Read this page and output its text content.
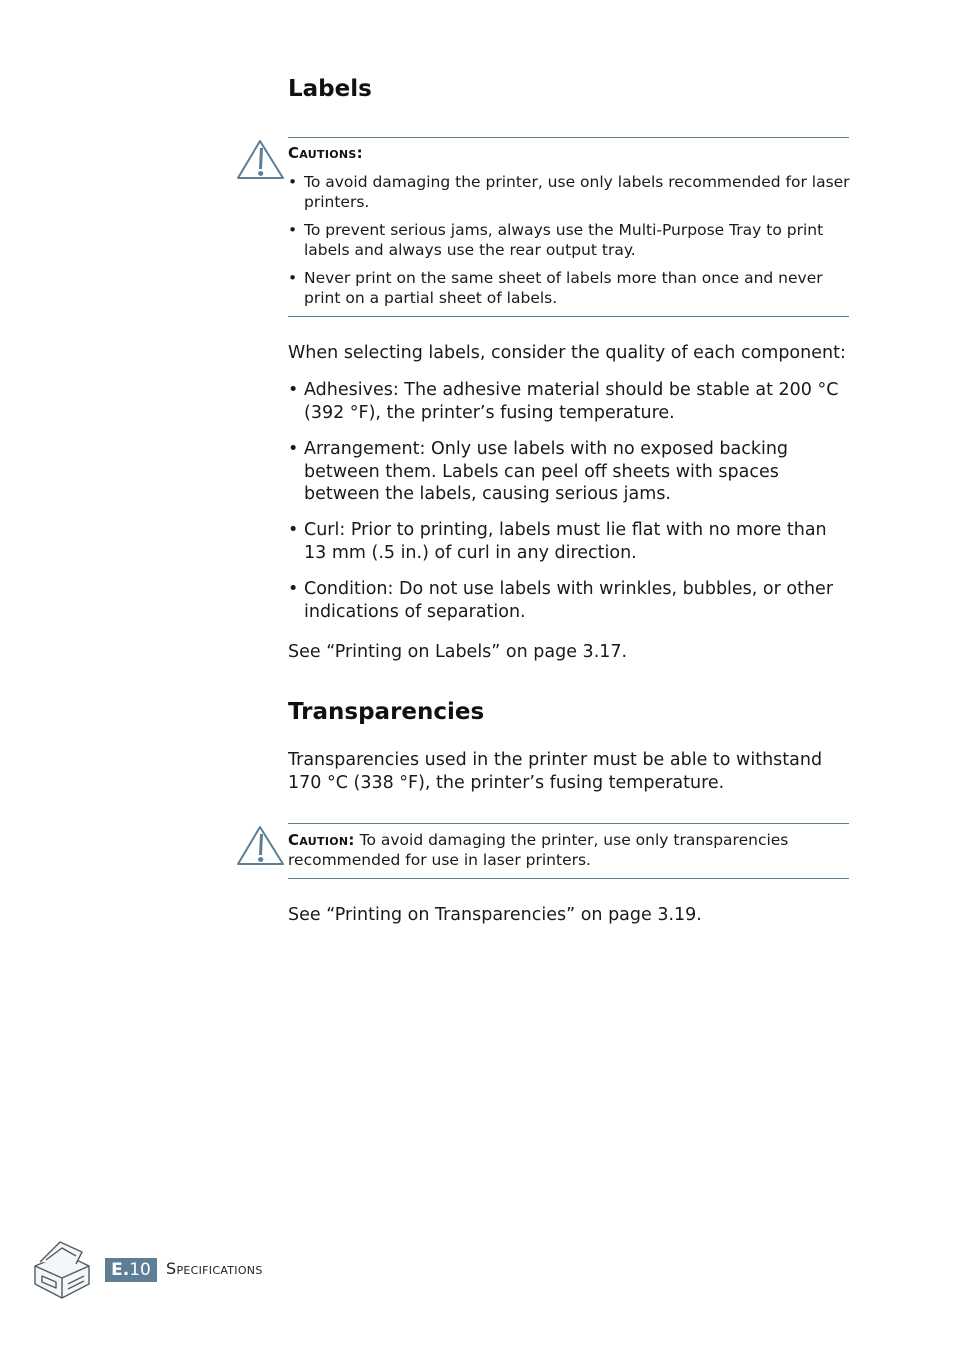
Labels
Cautions:
• To avoid damaging the printer, use only labels recommended for laser printers.
• To prevent serious jams, always use the Multi-Purpose Tray to print labels and always use the rear output tray.
• Never print on the same sheet of labels more than once and never print on a partial sheet of labels.
When selecting labels, consider the quality of each component:
• Adhesives: The adhesive material should be stable at 200 °C (392 °F), the printer’s fusing temperature.
• Arrangement: Only use labels with no exposed backing between them. Labels can peel off sheets with spaces between the labels, causing serious jams.
• Curl: Prior to printing, labels must lie flat with no more than 13 mm (.5 in.) of curl in any direction.
• Condition: Do not use labels with wrinkles, bubbles, or other indications of separation.
See “Printing on Labels” on page 3.17.
Transparencies
Transparencies used in the printer must be able to withstand 170 °C (338 °F), the printer’s fusing temperature.
Caution: To avoid damaging the printer, use only transparencies recommended for use in laser printers.
See “Printing on Transparencies” on page 3.19.
E.10 Specifications
